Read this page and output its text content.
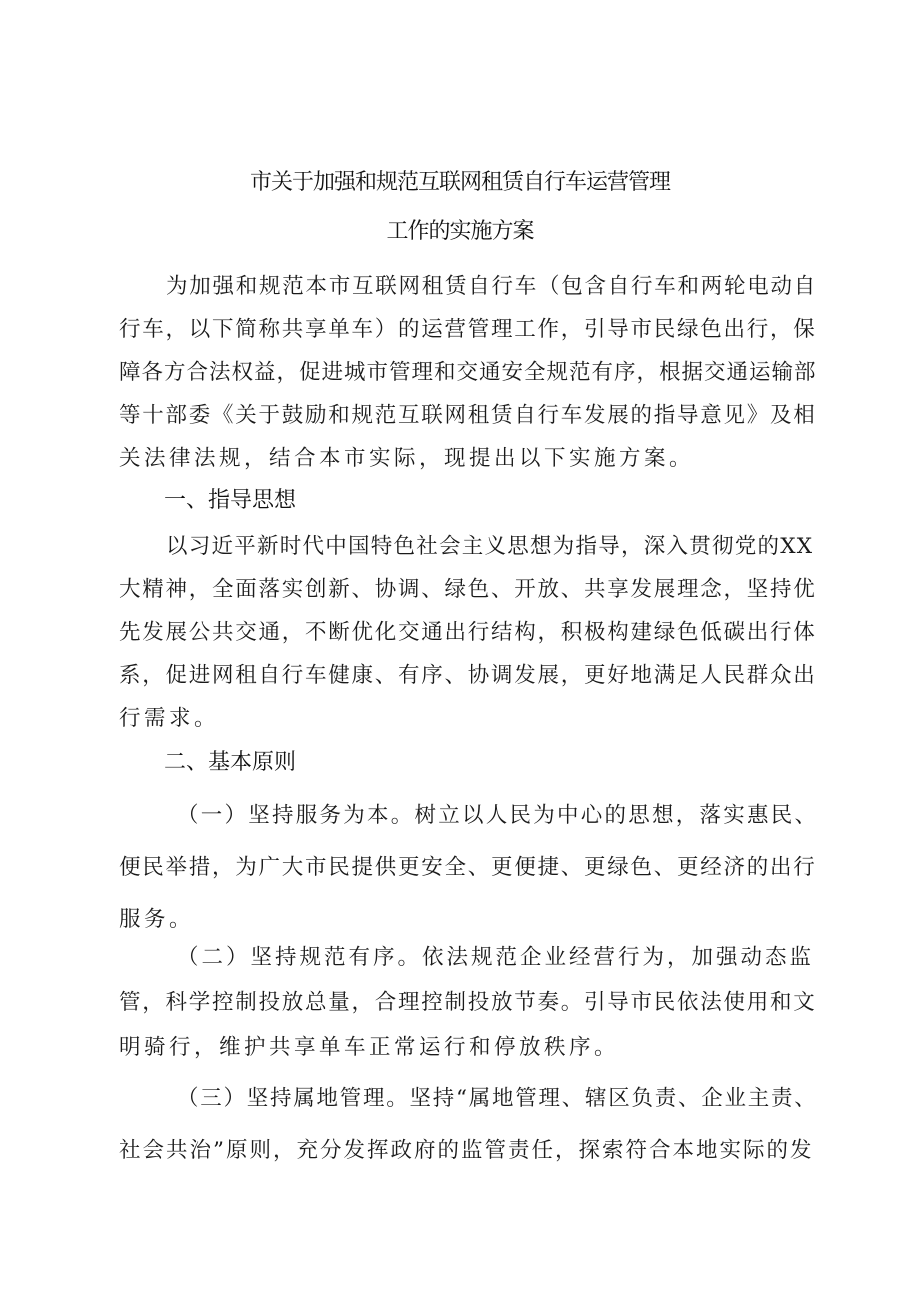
市关于加强和规范互联网租赁自行车运营管理
工作的实施方案
为加强和规范本市互联网租赁自行车（包含自行车和两轮电动自
行车，以下简称共享单车）的运营管理工作，引导市民绿色出行，保
障各方合法权益，促进城市管理和交通安全规范有序，根据交通运输部
等十部委《关于鼓励和规范互联网租赁自行车发展的指导意见》及相
关法律法规，结合本市实际，现提出以下实施方案。
一、指导思想
以习近平新时代中国特色社会主义思想为指导，深入贯彻党的XX
大精神，全面落实创新、协调、绿色、开放、共享发展理念，坚持优
先发展公共交通，不断优化交通出行结构，积极构建绿色低碳出行体
系，促进网租自行车健康、有序、协调发展，更好地满足人民群众出
行需求。
二、基本原则
（一）坚持服务为本。树立以人民为中心的思想，落实惠民、
便民举措，为广大市民提供更安全、更便捷、更绿色、更经济的出行
服务。
（二）坚持规范有序。依法规范企业经营行为，加强动态监
管，科学控制投放总量，合理控制投放节奏。引导市民依法使用和文
明骑行，维护共享单车正常运行和停放秩序。
（三）坚持属地管理。坚持“属地管理、辖区负责、企业主责、
社会共治”原则，充分发挥政府的监管责任，探索符合本地实际的发
